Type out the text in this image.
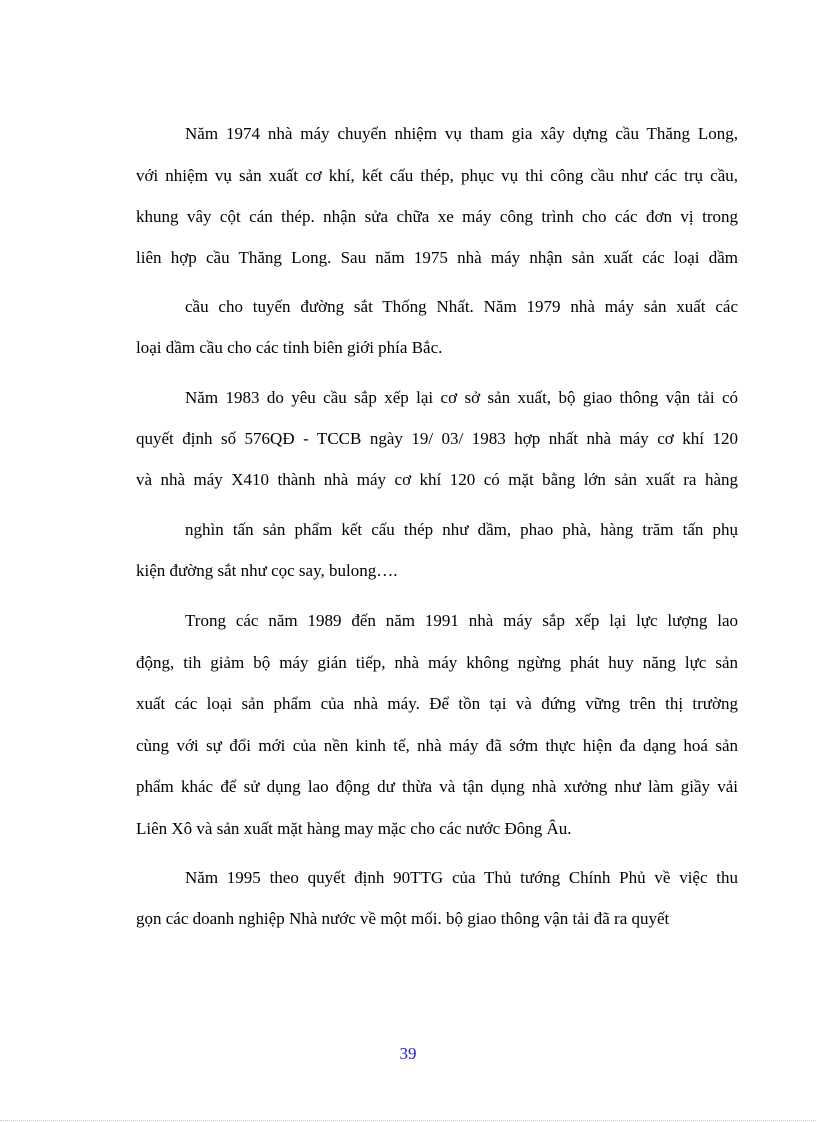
Năm 1974 nhà máy chuyển nhiệm vụ tham gia xây dựng cầu Thăng Long,
với nhiệm vụ sản xuất cơ khí, kết cấu thép, phục vụ thi công cầu như các trụ cầu,
khung vây cột cán thép. nhận sửa chữa xe máy công trình cho các đơn vị trong
liên hợp cầu Thăng Long. Sau năm 1975 nhà máy nhận sản xuất các loại dầm
cầu cho tuyến đường sắt Thống Nhất. Năm 1979 nhà máy sản xuất các
loại dầm cầu cho các tỉnh biên giới phía Bắc.
Năm 1983 do yêu cầu sắp xếp lại cơ sở sản xuất, bộ giao thông vận tải có
quyết định số 576QĐ - TCCB ngày 19/ 03/ 1983 hợp nhất nhà máy cơ khí 120
và nhà máy X410 thành nhà máy cơ khí 120 có mặt bằng lớn sản xuất ra hàng
nghìn tấn sản phẩm kết cấu thép như dầm, phao phà, hàng trăm tấn phụ
kiện đường sắt như cọc say, bulong….
Trong các năm 1989 đến năm 1991 nhà máy sắp xếp lại lực lượng lao
động, tih giảm bộ máy gián tiếp, nhà máy không ngừng phát huy năng lực sản
xuất các loại sản phẩm của nhà máy. Để tồn tại và đứng vững trên thị trường
cùng với sự đổi mới của nền kinh tế, nhà máy đã sớm thực hiện đa dạng hoá sản
phẩm khác để sử dụng lao động dư thừa và tận dụng nhà xưởng như làm giầy vải
Liên Xô và sản xuất mặt hàng may mặc cho các nước Đông Âu.
Năm 1995 theo quyết định 90TTG của Thủ tướng Chính Phủ về việc thu
gọn các doanh nghiệp Nhà nước về một mối. bộ giao thông vận tải đã ra quyết
39
